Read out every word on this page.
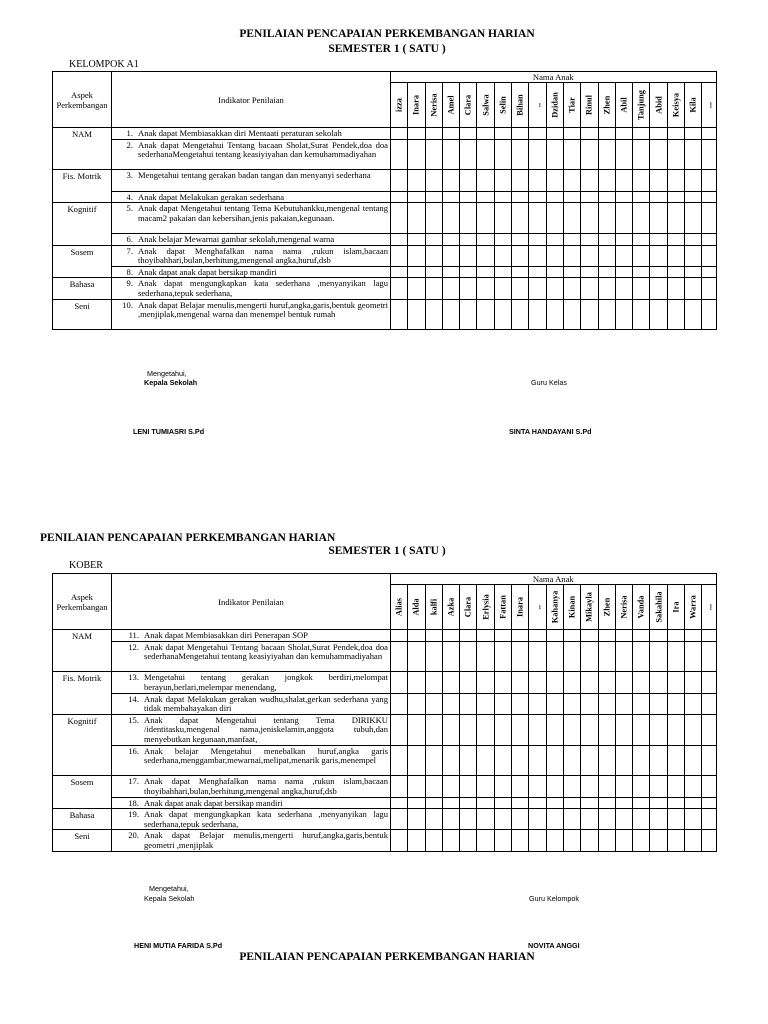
PENILAIAN PENCAPAIAN PERKEMBANGAN HARIAN
SEMESTER 1 ( SATU )
KELOMPOK A1
Aspek Perkembangan	Indikator Penilaian	Nama Anak																		

		izza	Inara	Nerisa	Amel	Clara	Salwa	Selin	Bihan	..	Dzidan	Tiar	Rinul	Zhen	Abil	Tanjung	Abid	Keisya	Kila	...

NAM	1. Anak dapat Membiasakkan diri Mentaati peraturan sekolah																			

	2. Anak dapat Mengetahui Tentang bacaan Sholat,Surat Pendek,doa doa sederhanaMengetahui tentang keasiyiyahan dan kemuhammadiyahan																			

Fis. Motrik	3. Mengetahui tentang gerakan badan tangan dan menyanyi sederhana																			

	4. Anak dapat Melakukan gerakan sederhana																			

Kognitif	5. Anak dapat Mengetahui tentang Tema Kebutuhankku,mengenal tentang macam2 pakaian dan kebersihan,jenis pakaian,kegunaan.																			

	6. Anak belajar Mewarnai gambar sekolah,mengenal warna																			

Sosem	7. Anak dapat Menghafalkan nama nama ,rukun islam,bacaan thoyibahhari,bulan,berhitung,mengenal angka,huruf,dsb																			

	8. Anak dapat anak dapat bersikap mandiri																			

Bahasa	9. Anak dapat mengungkapkan kata sederhana ,menyanyikan lagu sederhana,tepuk sederhana,																			

Seni	10. Anak dapat Belajar menulis,mengerti huruf,angka,garis,bentuk geometri ,menjiplak,mengenal warna dan menempel bentuk rumah																			

Mengetahui,
Kepala Sekolah	Guru Kelas
LENI TUMIASRI S.Pd	SINTA HANDAYANI S.Pd
PENILAIAN PENCAPAIAN PERKEMBANGAN HARIAN
SEMESTER 1 ( SATU )
KOBER
Aspek Perkembangan	Indikator Penilaian	Nama Anak																		

		Alias	Alda	kalfi	Azka	Clara	Erlysia	Fattan	Inara	..	Kahanya	Kinan	Mikayla	Zhen	Nerisa	Vanda	Sakahila	Ira	Warra	...

NAM	11. Anak dapat Membiasakkan diri Penerapan SOP																			

	12. Anak dapat Mengetahui Tentang bacaan Sholat,Surat Pendek,doa doa sederhanaMengetahui tentang keasiyiyahan dan kemuhammadiyahan																			

Fis. Motrik	13. Mengetahui tentang gerakan jongkok berdiri,melompat berayun,berlari,melempar menendang,																			

	14. Anak dapat Melakukan gerakan wudhu,shalat,gerkan sederhana yang tidak membahayakan diri																			

Kognitif	15. Anak dapat Mengetahui tentang Tema DIRIKKU /identitasku,mengenal nama,jeniskelamin,anggota tubuh,dan menyebutkan kegunaan,manfaat,																			

	16. Anak belajar Mengetahui menebalkan huruf,angka garis sederhana,menggambar,mewarnai,melipat,menarik garis,menempel																			

Sosem	17. Anak dapat Menghafalkan nama nama ,rukun islam,bacaan thoyibahhari,bulan,berhitung,mengenal angka,huruf,dsb																			

	18. Anak dapat anak dapat bersikap mandiri																			

Bahasa	19. Anak dapat mengungkapkan kata sederhana ,menyanyikan lagu sederhana,tepuk sederhana,																			

Seni	20. Anak dapat Belajar menulis,mengerti huruf,angka,garis,bentuk geometri ,menjiplak																			

Mengetahui,
Kepala Sekolah	Guru Kelompok
HENI MUTIA FARIDA S.Pd	NOVITA ANGGI
PENILAIAN PENCAPAIAN PERKEMBANGAN HARIAN
